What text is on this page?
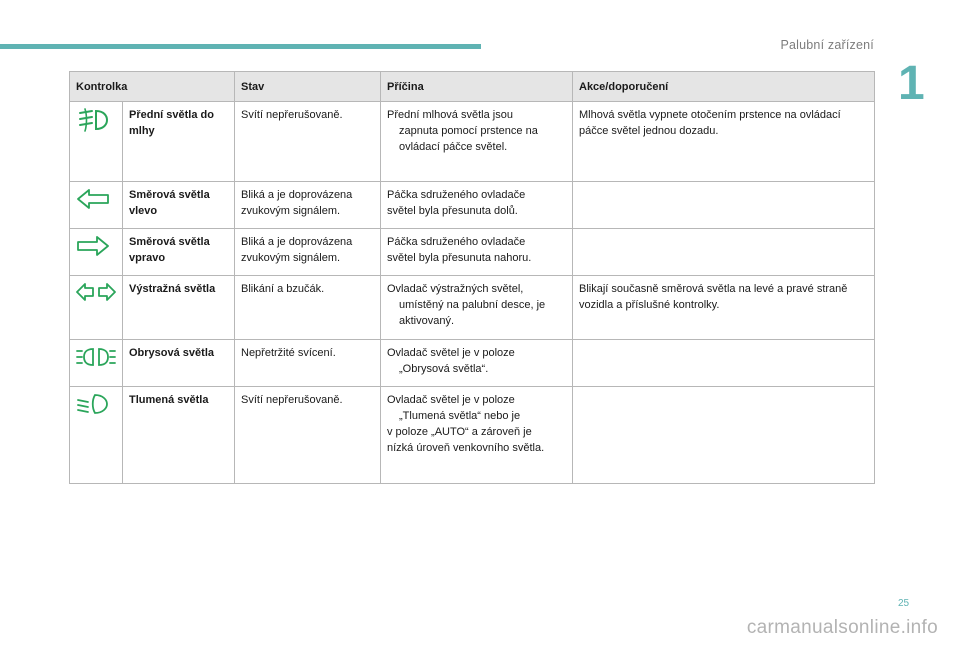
Palubní zařízení
1
Kontrolka		Stav	Příčina	Akce/doporučení
	Přední světla do mlhy	Svítí nepřerušovaně.	Přední mlhová světla jsou
zapnuta pomocí prstence na
ovládací páčce světel.	Mlhová světla vypnete otočením prstence na ovládací páčce světel jednou dozadu.
	Směrová světla vlevo	Bliká a je doprovázena zvukovým signálem.	Páčka sdruženého ovladače
světel byla přesunuta dolů.	

	Směrová světla vpravo	Bliká a je doprovázena zvukovým signálem.	Páčka sdruženého ovladače
světel byla přesunuta nahoru.	

	Výstražná světla	Blikání a bzučák.	Ovladač výstražných světel,
umístěný na palubní desce, je
aktivovaný.	Blikají současně směrová světla na levé a pravé straně vozidla a příslušné kontrolky.
	Obrysová světla	Nepřetržité svícení.	Ovladač světel je v poloze
„Obrysová světla“.	

	Tlumená světla	Svítí nepřerušovaně.	Ovladač světel je v poloze
„Tlumená světla“ nebo je
v poloze „AUTO“ a zároveň je
nízká úroveň venkovního světla.	

25
carmanualsonline.info
